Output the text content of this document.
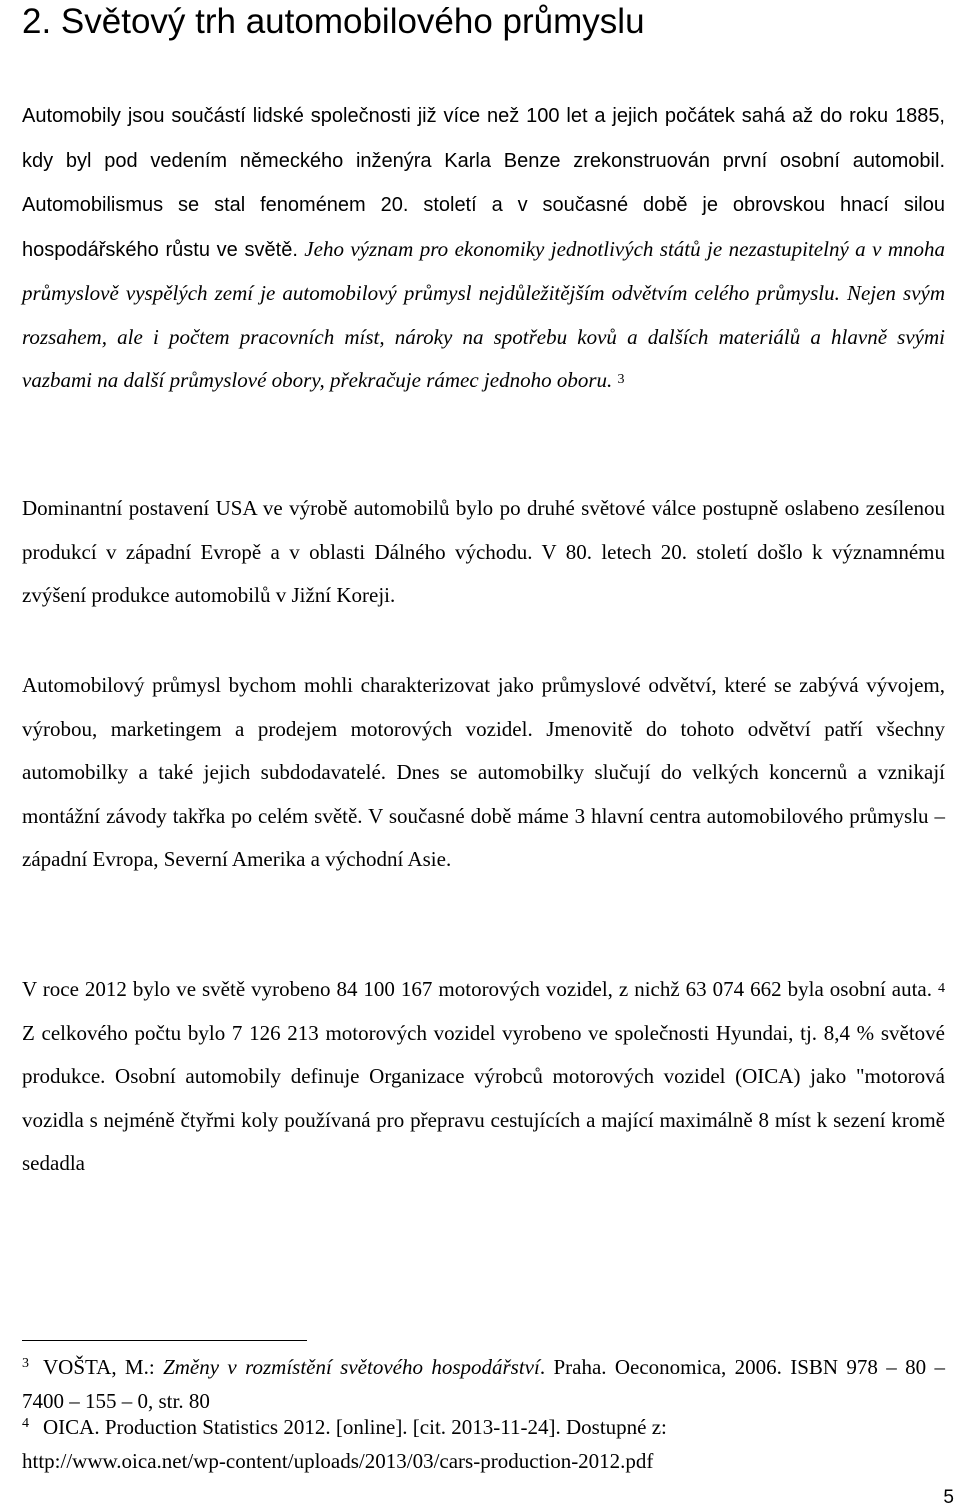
2. Světový trh automobilového průmyslu

Automobily jsou součástí lidské společnosti již více než 100 let a jejich počátek sahá až do roku 1885, kdy byl pod vedením německého inženýra Karla Benze zrekonstruován první osobní automobil. Automobilismus se stal fenoménem 20. století a v současné době je obrovskou hnací silou hospodářského růstu ve světě. Jeho význam pro ekonomiky jednotlivých států je nezastupitelný a v mnoha průmyslově vyspělých zemí je automobilový průmysl nejdůležitějším odvětvím celého průmyslu. Nejen svým rozsahem, ale i počtem pracovních míst, nároky na spotřebu kovů a dalších materiálů a hlavně svými vazbami na další průmyslové obory, překračuje rámec jednoho oboru. $^3$

Dominantní postavení USA ve výrobě automobilů bylo po druhé světové válce postupně oslabeno zesílenou produkcí v západní Evropě a v oblasti Dálného východu. V 80. letech 20. století došlo k významnému zvýšení produkce automobilů v Jižní Koreji.

Automobilový průmysl bychom mohli charakterizovat jako průmyslové odvětví, které se zabývá vývojem, výrobou, marketingem a prodejem motorových vozidel. Jmenovitě do tohoto odvětví patří všechny automobilky a také jejich subdodavatelé. Dnes se automobilky slučují do velkých koncernů a vznikají montážní závody takřka po celém světě. V současné době máme 3 hlavní centra automobilového průmyslu – západní Evropa, Severní Amerika a východní Asie.

V roce 2012 bylo ve světě vyrobeno 84 100 167 motorových vozidel, z nichž 63 074 662 byla osobní auta. $^4$ Z celkového počtu bylo 7 126 213 motorových vozidel vyrobeno ve společnosti Hyundai, tj. 8,4 % světové produkce. Osobní automobily definuje Organizace výrobců motorových vozidel (OICA) jako "motorová vozidla s nejméně čtyřmi koly používaná pro přepravu cestujících a mající maximálně 8 míst k sezení kromě sedadla

$^3$ VOŠTA, M.: Změny v rozmístění světového hospodářství. Praha. Oeconomica, 2006. ISBN 978 – 80 – 7400 – 155 – 0, str. 80

$^4$ OICA. Production Statistics 2012. [online]. [cit. 2013-11-24]. Dostupné z:
http://www.oica.net/wp-content/uploads/2013/03/cars-production-2012.pdf

5
